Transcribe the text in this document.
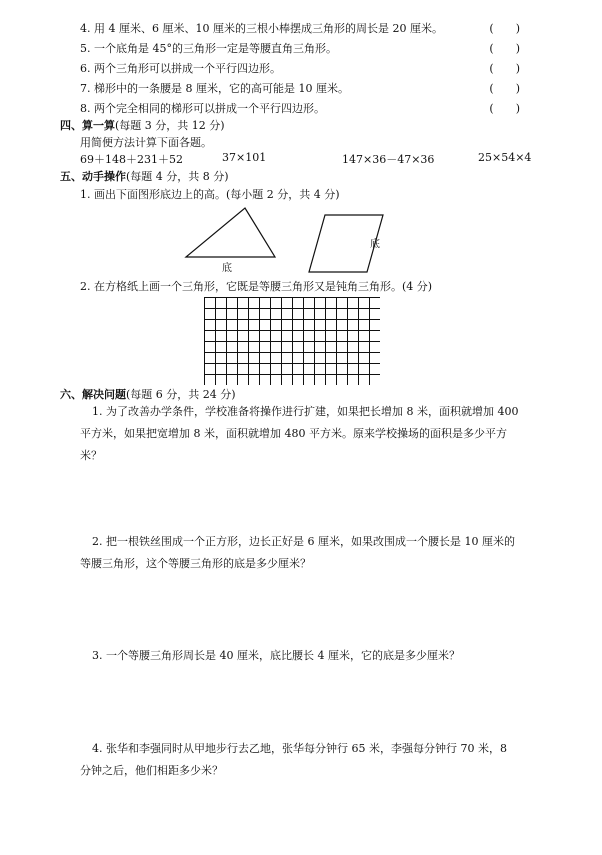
4. 用 4 厘米、6 厘米、10 厘米的三根小棒摆成三角形的周长是 20 厘米。	(　　)
5. 一个底角是 45°的三角形一定是等腰直角三角形。	(　　)
6. 两个三角形可以拼成一个平行四边形。	(　　)
7. 梯形中的一条腰是 8 厘米，它的高可能是 10 厘米。	(　　)
8. 两个完全相同的梯形可以拼成一个平行四边形。	(　　)
四、算一算(每题 3 分，共 12 分)
用简便方法计算下面各题。
69＋148＋231＋52	37×101	147×36－47×36	25×54×4
五、动手操作(每题 4 分，共 8 分)
1. 画出下面图形底边上的高。(每小题 2 分，共 4 分)
底
底
2. 在方格纸上画一个三角形，它既是等腰三角形又是钝角三角形。(4 分)
六、解决问题(每题 6 分，共 24 分)
1. 为了改善办学条件，学校准备将操作进行扩建，如果把长增加 8 米，面积就增加 400 平方米，如果把宽增加 8 米，面积就增加 480 平方米。原来学校操场的面积是多少平方米？
2. 把一根铁丝围成一个正方形，边长正好是 6 厘米，如果改围成一个腰长是 10 厘米的等腰三角形，这个等腰三角形的底是多少厘米？
3. 一个等腰三角形周长是 40 厘米，底比腰长 4 厘米，它的底是多少厘米？
4. 张华和李强同时从甲地步行去乙地，张华每分钟行 65 米，李强每分钟行 70 米，8 分钟之后，他们相距多少米？
